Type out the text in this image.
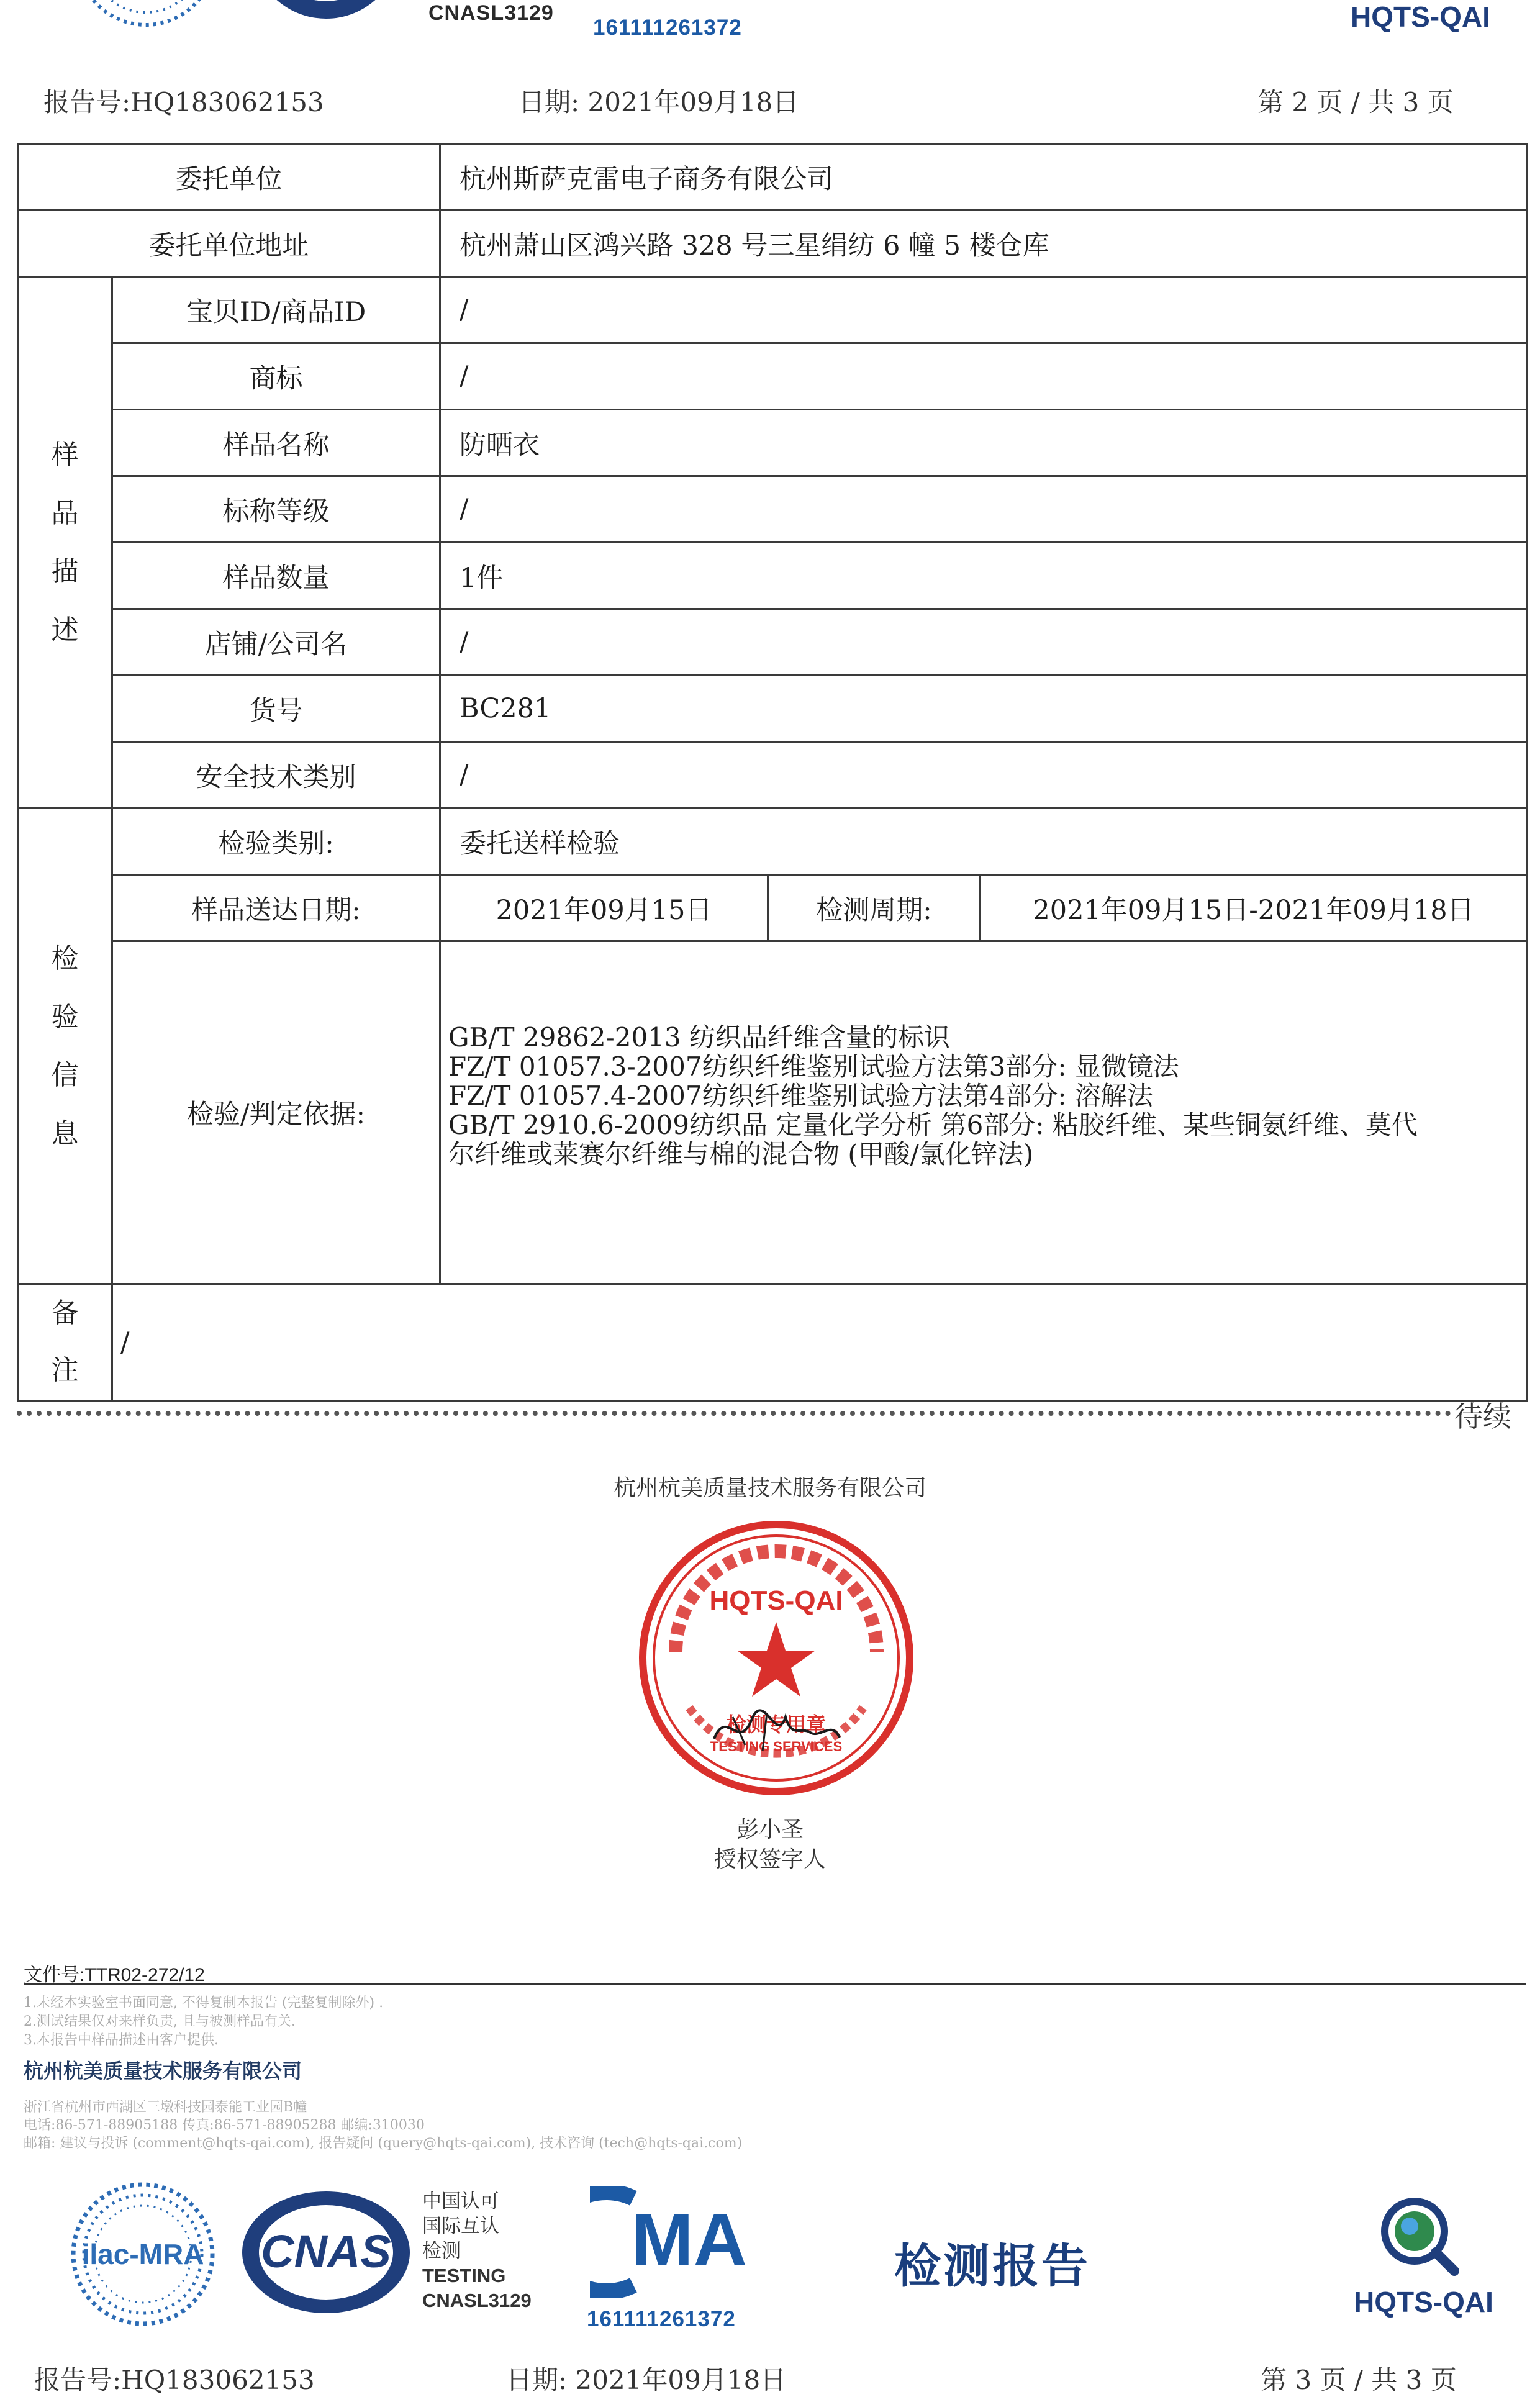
CNASL3129
161111261372	HQTS-QAI
报告号:HQ183062153	日期: 2021年09月18日	第 2 页 / 共 3 页
委托单位		杭州斯萨克雷电子商务有限公司		
委托单位地址		杭州萧山区鸿兴路 328 号三星绢纺 6 幢 5 楼仓库		
样品描述	宝贝ID/商品ID	/		
	商标	/		
	样品名称	防晒衣		
	标称等级	/		
	样品数量	1件		
	店铺/公司名	/		
	货号	BC281		
	安全技术类别	/		
检验信息	检验类别:	委托送样检验		
	样品送达日期:	2021年09月15日	检测周期:	2021年09月15日-2021年09月18日
	检验/判定依据:	GB/T 29862-2013 纺织品纤维含量的标识
FZ/T 01057.3-2007纺织纤维鉴别试验方法第3部分: 显微镜法
FZ/T 01057.4-2007纺织纤维鉴别试验方法第4部分: 溶解法
GB/T 2910.6-2009纺织品 定量化学分析 第6部分: 粘胶纤维、某些铜氨纤维、莫代
尔纤维或莱赛尔纤维与棉的混合物 (甲酸/氯化锌法)		

备注	/			
待续
杭州杭美质量技术服务有限公司
HQTS-QAI
检测专用章
TESTING SERVICES
彭小圣
授权签字人
文件号:TTR02-272/12
1.未经本实验室书面同意, 不得复制本报告 (完整复制除外) .
2.测试结果仅对来样负责, 且与被测样品有关.
3.本报告中样品描述由客户提供.
杭州杭美质量技术服务有限公司
浙江省杭州市西湖区三墩科技园泰能工业园B幢
电话:86-571-88905188 传真:86-571-88905288 邮编:310030
邮箱: 建议与投诉 (comment@hqts-qai.com), 报告疑问 (query@hqts-qai.com), 技术咨询 (tech@hqts-qai.com)
ilac-MRA CNAS
中国认可
国际互认
检测
TESTING
CNASL3129
MA
161111261372
检测报告
HQTS-QAI
报告号:HQ183062153	日期: 2021年09月18日	第 3 页 / 共 3 页
